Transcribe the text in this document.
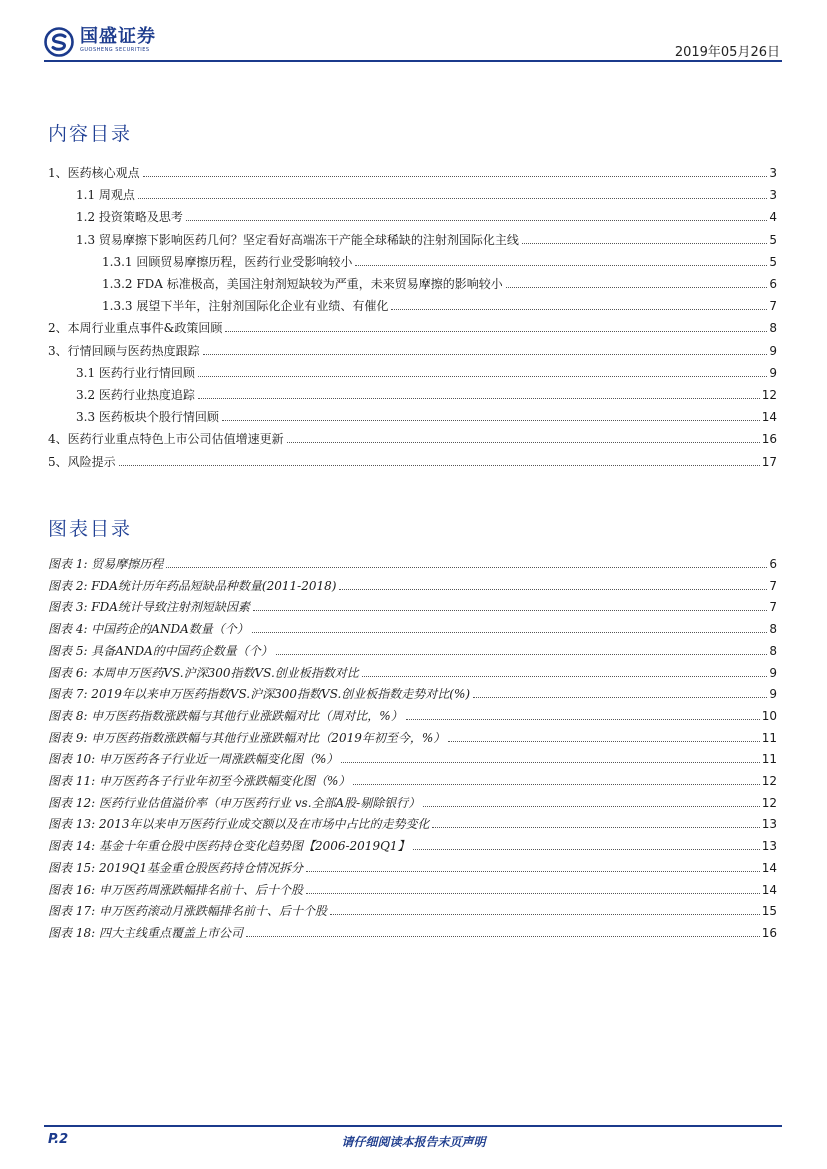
国盛证券
GUOSHENG SECURITIES	2019年05月26日
内容目录
1、医药核心观点	3
1.1 周观点	3
1.2 投资策略及思考	4
1.3 贸易摩擦下影响医药几何？坚定看好高端冻干产能全球稀缺的注射剂国际化主线	5
1.3.1 回顾贸易摩擦历程，医药行业受影响较小	5
1.3.2 FDA 标准极高，美国注射剂短缺较为严重，未来贸易摩擦的影响较小	6
1.3.3 展望下半年，注射剂国际化企业有业绩、有催化	7
2、本周行业重点事件&政策回顾	8
3、行情回顾与医药热度跟踪	9
3.1 医药行业行情回顾	9
3.2 医药行业热度追踪	12
3.3 医药板块个股行情回顾	14
4、医药行业重点特色上市公司估值增速更新	16
5、风险提示	17
图表目录
图表 1: 贸易摩擦历程	6
图表 2: FDA统计历年药品短缺品种数量(2011-2018)	7
图表 3: FDA统计导致注射剂短缺因素	7
图表 4: 中国药企的ANDA数量（个）	8
图表 5: 具备ANDA的中国药企数量（个）	8
图表 6: 本周申万医药VS.沪深300指数VS.创业板指数对比	9
图表 7: 2019年以来申万医药指数VS.沪深300指数VS.创业板指数走势对比(%)	9
图表 8: 申万医药指数涨跌幅与其他行业涨跌幅对比（周对比，%）	10
图表 9: 申万医药指数涨跌幅与其他行业涨跌幅对比（2019年初至今，%）	11
图表 10: 申万医药各子行业近一周涨跌幅变化图（%）	11
图表 11: 申万医药各子行业年初至今涨跌幅变化图（%）	12
图表 12: 医药行业估值溢价率（申万医药行业 vs.全部A股-剔除银行）	12
图表 13: 2013年以来申万医药行业成交额以及在市场中占比的走势变化	13
图表 14: 基金十年重仓股中医药持仓变化趋势图【2006-2019Q1】	13
图表 15: 2019Q1基金重仓股医药持仓情况拆分	14
图表 16: 申万医药周涨跌幅排名前十、后十个股	14
图表 17: 申万医药滚动月涨跌幅排名前十、后十个股	15
图表 18: 四大主线重点覆盖上市公司	16
P.2	请仔细阅读本报告末页声明
